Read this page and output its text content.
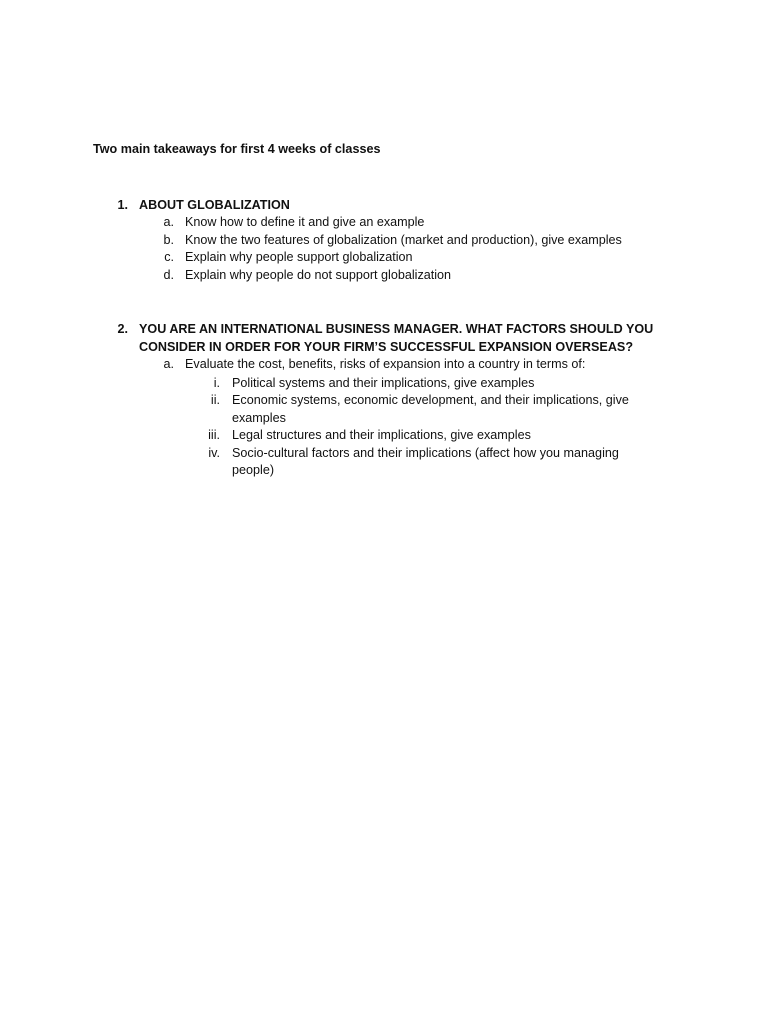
Two main takeaways for first 4 weeks of classes
1. ABOUT GLOBALIZATION
a. Know how to define it and give an example
b. Know the two features of globalization (market and production), give examples
c. Explain why people support globalization
d. Explain why people do not support globalization
2. YOU ARE AN INTERNATIONAL BUSINESS MANAGER. WHAT FACTORS SHOULD YOU
CONSIDER IN ORDER FOR YOUR FIRM’S SUCCESSFUL EXPANSION OVERSEAS?
a. Evaluate the cost, benefits, risks of expansion into a country in terms of:
i. Political systems and their implications, give examples
ii. Economic systems, economic development, and their implications, give
examples
iii. Legal structures and their implications, give examples
iv. Socio-cultural factors and their implications (affect how you managing
people)
